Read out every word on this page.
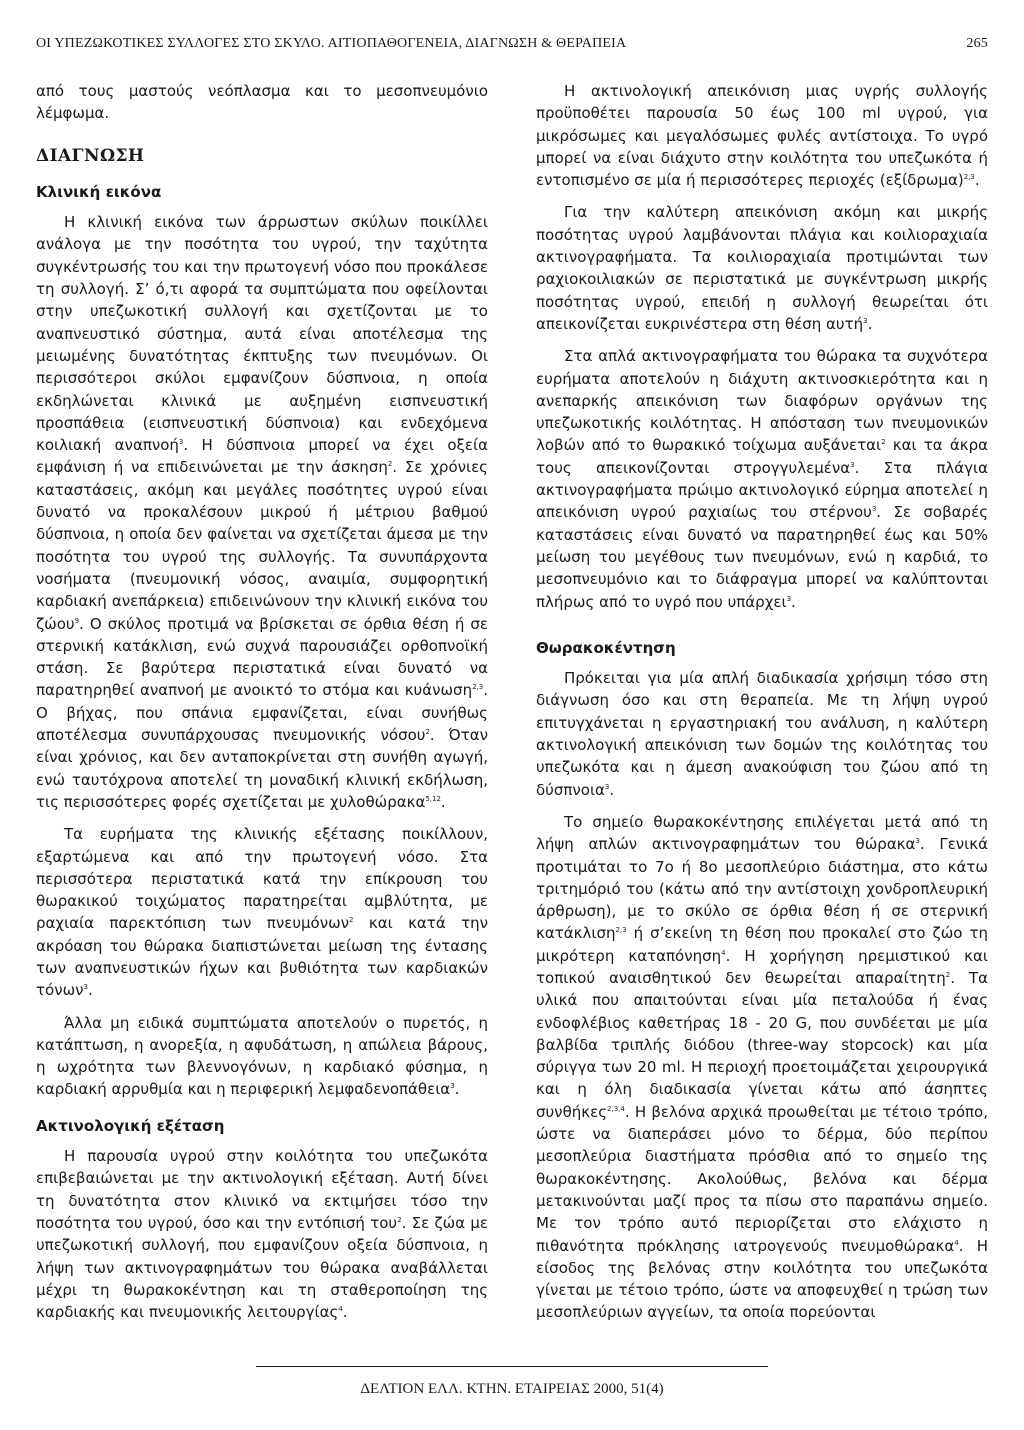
ΟΙ ΥΠΕΖΩΚΟΤΙΚΕΣ ΣΥΛΛΟΓΕΣ ΣΤΟ ΣΚΥΛΟ. ΑΙΤΙΟΠΑΘΟΓΕΝΕΙΑ, ΔΙΑΓΝΩΣΗ & ΘΕΡΑΠΕΙΑ	265

από τους μαστούς νεόπλασμα και το μεσοπνευμόνιο λέμφωμα.

ΔΙΑΓΝΩΣΗ
Κλινική εικόνα

Η κλινική εικόνα των άρρωστων σκύλων ποικίλλει ανάλογα με την ποσότητα του υγρού, την ταχύτητα συγκέντρωσής του και την πρωτογενή νόσο που προκάλεσε τη συλλογή. Σ’ ό,τι αφορά τα συμπτώματα που οφείλονται στην υπεζωκοτική συλλογή και σχετίζονται με το αναπνευστικό σύστημα, αυτά είναι αποτέλεσμα της μειωμένης δυνατότητας έκπτυξης των πνευμόνων. Οι περισσότεροι σκύλοι εμφανίζουν δύσπνοια, η οποία εκδηλώνεται κλινικά με αυξημένη εισπνευστική προσπάθεια (εισπνευστική δύσπνοια) και ενδεχόμενα κοιλιακή αναπνοή$^3$. Η δύσπνοια μπορεί να έχει οξεία εμφάνιση ή να επιδεινώνεται με την άσκηση$^2$. Σε χρόνιες καταστάσεις, ακόμη και μεγάλες ποσότητες υγρού είναι δυνατό να προκαλέσουν μικρού ή μέτριου βαθμού δύσπνοια, η οποία δεν φαίνεται να σχετίζεται άμεσα με την ποσότητα του υγρού της συλλογής. Τα συνυπάρχοντα νοσήματα (πνευμονική νόσος, αναιμία, συμφορητική καρδιακή ανεπάρκεια) επιδεινώνουν την κλινική εικόνα του ζώου$^9$. Ο σκύλος προτιμά να βρίσκεται σε όρθια θέση ή σε στερνική κατάκλιση, ενώ συχνά παρουσιάζει ορθοπνοϊκή στάση. Σε βαρύτερα περιστατικά είναι δυνατό να παρατηρηθεί αναπνοή με ανοικτό το στόμα και κυάνωση$^{2,3}$. Ο βήχας, που σπάνια εμφανίζεται, είναι συνήθως αποτέλεσμα συνυπάρχουσας πνευμονικής νόσου$^2$. Όταν είναι χρόνιος, και δεν ανταποκρίνεται στη συνήθη αγωγή, ενώ ταυτόχρονα αποτελεί τη μοναδική κλινική εκδήλωση, τις περισσότερες φορές σχετίζεται με χυλοθώρακα$^{5,12}$.

Τα ευρήματα της κλινικής εξέτασης ποικίλλουν, εξαρτώμενα και από την πρωτογενή νόσο. Στα περισσότερα περιστατικά κατά την επίκρουση του θωρακικού τοιχώματος παρατηρείται αμβλύτητα, με ραχιαία παρεκτόπιση των πνευμόνων$^2$ και κατά την ακρόαση του θώρακα διαπιστώνεται μείωση της έντασης των αναπνευστικών ήχων και βυθιότητα των καρδιακών τόνων$^3$.

Άλλα μη ειδικά συμπτώματα αποτελούν ο πυρετός, η κατάπτωση, η ανορεξία, η αφυδάτωση, η απώλεια βάρους, η ωχρότητα των βλεννογόνων, η καρδιακό φύσημα, η καρδιακή αρρυθμία και η περιφερική λεμφαδενοπάθεια$^3$.

Ακτινολογική εξέταση

Η παρουσία υγρού στην κοιλότητα του υπεζωκότα επιβεβαιώνεται με την ακτινολογική εξέταση. Αυτή δίνει τη δυνατότητα στον κλινικό να εκτιμήσει τόσο την ποσότητα του υγρού, όσο και την εντόπισή του$^2$. Σε ζώα με υπεζωκοτική συλλογή, που εμφανίζουν οξεία δύσπνοια, η λήψη των ακτινογραφημάτων του θώρακα αναβάλλεται μέχρι τη θωρακοκέντηση και τη σταθεροποίηση της καρδιακής και πνευμονικής λειτουργίας$^4$.

Η ακτινολογική απεικόνιση μιας υγρής συλλογής προϋποθέτει παρουσία 50 έως 100 ml υγρού, για μικρόσωμες και μεγαλόσωμες φυλές αντίστοιχα. Το υγρό μπορεί να είναι διάχυτο στην κοιλότητα του υπεζωκότα ή εντοπισμένο σε μία ή περισσότερες περιοχές $(\varepsilon\xi ί\delta\rho\omega\mu\alpha)^{2,3}$.

Για την καλύτερη απεικόνιση ακόμη και μικρής ποσότητας υγρού λαμβάνονται πλάγια και κοιλιοραχιαία ακτινογραφήματα. Τα κοιλιοραχιαία προτιμώνται των ραχιοκοιλιακών σε περιστατικά με συγκέντρωση μικρής ποσότητας υγρού, επειδή η συλλογή θεωρείται ότι απεικονίζεται ευκρινέστερα στη θέση αυτή$^3$.

Στα απλά ακτινογραφήματα του θώρακα τα συχνότερα ευρήματα αποτελούν η διάχυτη ακτινοσκιερότητα και η ανεπαρκής απεικόνιση των διαφόρων οργάνων της υπεζωκοτικής κοιλότητας. Η απόσταση των πνευμονικών λοβών από το θωρακικό τοίχωμα αυξάνεται$^2$ και τα άκρα τους απεικονίζονται στρογγυλεμένα$^3$. Στα πλάγια ακτινογραφήματα πρώιμο ακτινολογικό εύρημα αποτελεί η απεικόνιση υγρού ραχιαίως του στέρνου$^3$. Σε σοβαρές καταστάσεις είναι δυνατό να παρατηρηθεί έως και 50% μείωση του μεγέθους των πνευμόνων, ενώ η καρδιά, το μεσοπνευμόνιο και το διάφραγμα μπορεί να καλύπτονται πλήρως από το υγρό που υπάρχει$^3$.

Θωρακοκέντηση

Πρόκειται για μία απλή διαδικασία χρήσιμη τόσο στη διάγνωση όσο και στη θεραπεία. Με τη λήψη υγρού επιτυγχάνεται η εργαστηριακή του ανάλυση, η καλύτερη ακτινολογική απεικόνιση των δομών της κοιλότητας του υπεζωκότα και η άμεση ανακούφιση του ζώου από τη δύσπνοια$^3$.

Το σημείο θωρακοκέντησης επιλέγεται μετά από τη λήψη απλών ακτινογραφημάτων του θώρακα$^3$. Γενικά προτιμάται το 7ο ή 8ο μεσοπλεύριο διάστημα, στο κάτω τριτημόριό του (κάτω από την αντίστοιχη χονδροπλευρική άρθρωση), με το σκύλο σε όρθια θέση ή σε στερνική κατάκλιση$^{2,3}$ ή σ’εκείνη τη θέση που προκαλεί στο ζώο τη μικρότερη καταπόνηση$^4$. Η χορήγηση ηρεμιστικού και τοπικού αναισθητικού δεν θεωρείται απαραίτητη$^2$. Τα υλικά που απαιτούνται είναι μία πεταλούδα ή ένας ενδοφλέβιος καθετήρας 18 - 20 G, που συνδέεται με μία βαλβίδα τριπλής διόδου (three-way stopcock) και μία σύριγγα των 20 ml. Η περιοχή προετοιμάζεται χειρουργικά και η όλη διαδικασία γίνεται κάτω από άσηπτες συνθήκες$^{2,3,4}$. Η βελόνα αρχικά προωθείται με τέτοιο τρόπο, ώστε να διαπεράσει μόνο το δέρμα, δύο περίπου μεσοπλεύρια διαστήματα πρόσθια από το σημείο της θωρακοκέντησης. Ακολούθως, βελόνα και δέρμα μετακινούνται μαζί προς τα πίσω στο παραπάνω σημείο. Με τον τρόπο αυτό περιορίζεται στο ελάχιστο η πιθανότητα πρόκλησης ιατρογενούς πνευμοθώρακα$^4$. Η είσοδος της βελόνας στην κοιλότητα του υπεζωκότα γίνεται με τέτοιο τρόπο, ώστε να αποφευχθεί η τρώση των μεσοπλεύριων αγγείων, τα οποία πορεύονται

ΔΕΛΤΙΟΝ ΕΛΛ. ΚΤΗΝ. ΕΤΑΙΡΕΙΑΣ 2000, 51(4)
